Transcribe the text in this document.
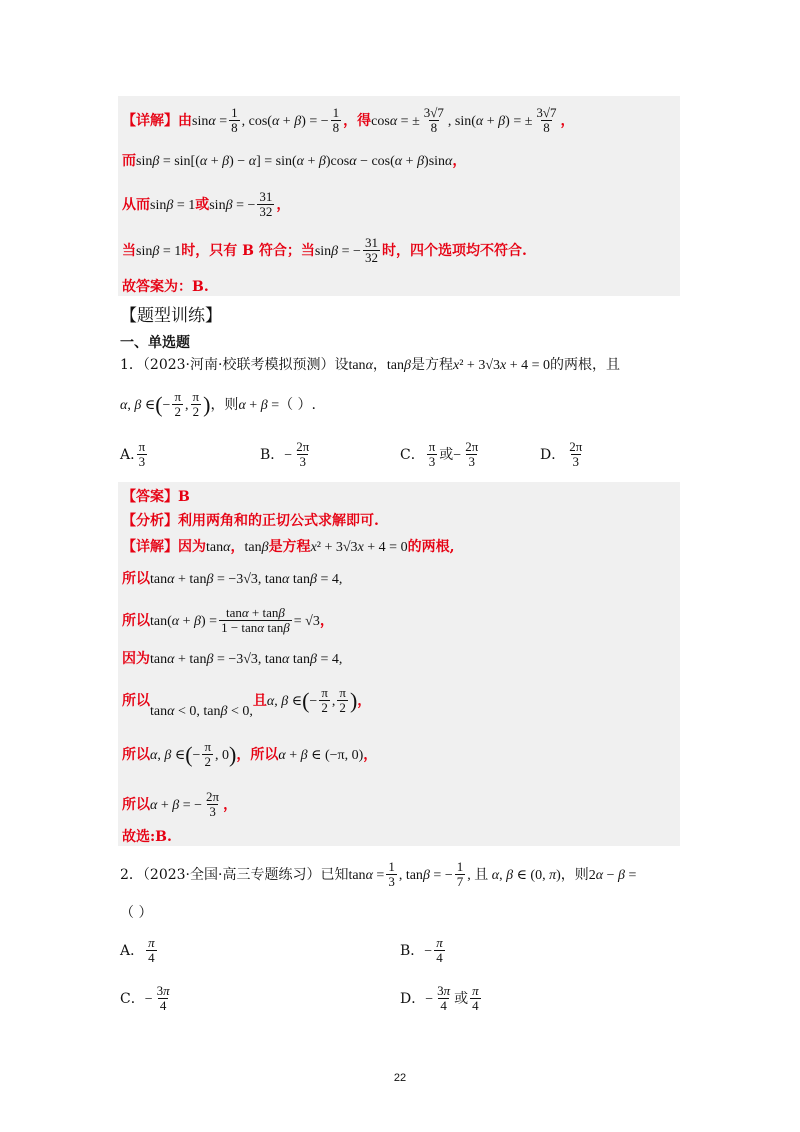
【详解】由$\sin\alpha = \frac{1}{8}$ , cos(α + β) = − $\frac{1}{8}$ ，得cosα = ± $\frac{3√7}{8}$ , sin(α + β) = ± $\frac{3√7}{8}$ ，
而sinβ = sin[(α + β) − α] = sin(α + β)cosα − cos(α + β)sinα，
从而sinβ = 1或sinβ = − $\frac{31}{32}$ ，
当sinβ = 1时，只有 B 符合；当sinβ = − $\frac{31}{32}$ 时，四个选项均不符合.
故答案为：B.
【题型训练】
一、单选题
1．（2023·河南·校联考模拟预测）设tanα，tanβ是方程x² + 3√3x + 4 = 0的两根，且
α, β ∈(− $\frac{\pi}{2}$ , $\frac{\pi}{2}$ )，则α + β =（ ）.
A. $\frac{\pi}{3}$	B．− $\frac{2\pi}{3}$	C． $\frac{\pi}{3}$ 或− $\frac{2\pi}{3}$	D． $\frac{2\pi}{3}$
【答案】B
【分析】利用两角和的正切公式求解即可.
【详解】因为tanα，tanβ是方程x² + 3√3x + 4 = 0的两根,
所以tanα + tanβ = −3√3, tanα tanβ = 4,
所以$\tan(\alpha + \beta) = \frac{\tan\alpha + \tan\beta}{\text{1 − tanα tanβ}} = √3$，
因为tanα + tanβ = −3√3, tanα tanβ = 4,
所以tanα < 0, tanβ < 0,且α, β ∈(− $\frac{\pi}{2}$ , $\frac{\pi}{2}$ )，
所以α, β ∈(− $\frac{\pi}{2}$ , 0)，所以α + β ∈ (−π, 0)，
所以α + β = − $\frac{2\pi}{3}$ ，
故选:B.
2．（2023·全国·高三专题练习）已知$\tan\alpha = \frac{1}{3}$ , tanβ = − $\frac{1}{7}$ , 且 α, β ∈ (0, π)，则2α − β =
（ ）
A． $\frac{\pi}{4}$	B．− $\frac{\pi}{4}$
C．− $\frac{3\pi}{4}$	D．− $\frac{3\pi}{4}$ 或 $\frac{\pi}{4}$
22
